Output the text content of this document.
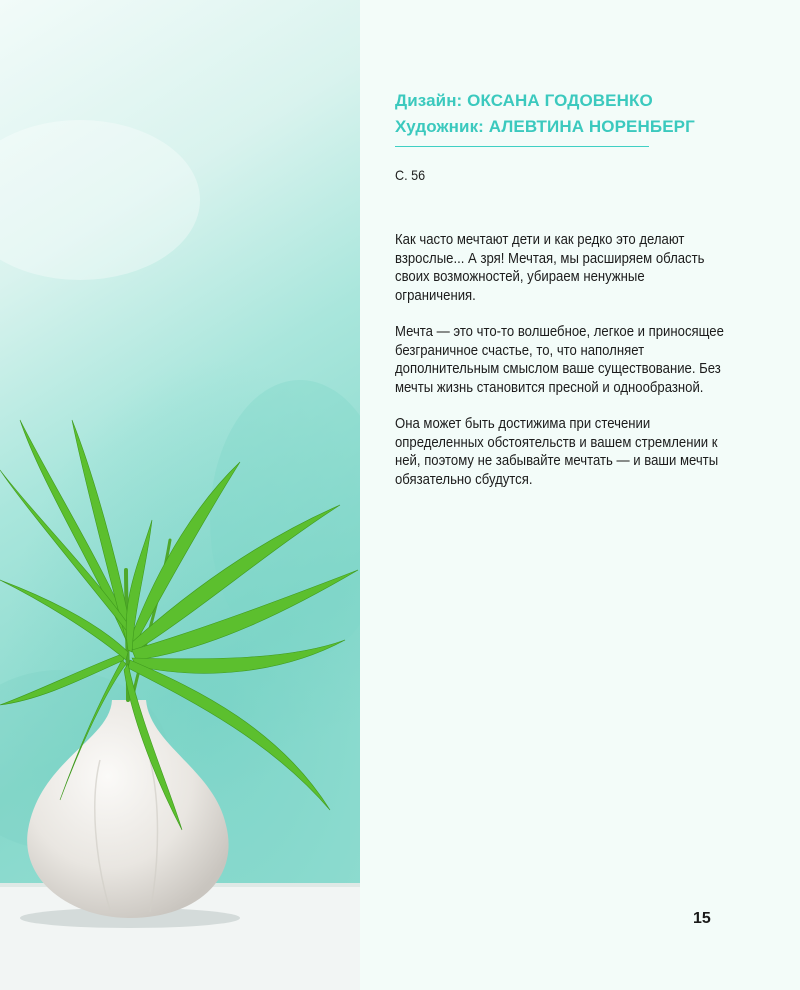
Дизайн: ОКСАНА ГОДОВЕНКО
Художник: АЛЕВТИНА НОРЕНБЕРГ
С. 56

Как часто мечтают дети и как редко это делают взрослые... А зря! Мечтая, мы расширяем область своих возможностей, убираем ненужные ограничения.

Мечта — это что-то волшебное, легкое и приносящее безграничное счастье, то, что наполняет дополнительным смыслом ваше существование. Без мечты жизнь становится пресной и однообразной.

Она может быть достижима при стечении определенных обстоятельств и вашем стремлении к ней, поэтому не забывайте мечтать — и ваши мечты обязательно сбудутся.

15
